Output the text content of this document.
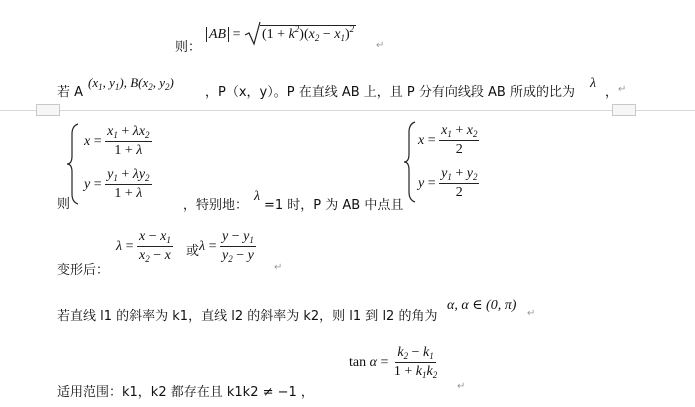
则：
AB = $(1 + k^2)(x_2 - x_1)^2$
↵
若 A
($x_1$, $y_1$), $B(x_2$, $y_2$)
，P（x，y）。P 在直线 AB 上，且 P 分有向线段 AB 所成的比为
λ
， ↵
则
$x = \frac{x_1 + \lambda x_2}{1 + \lambda}$
$y = \frac{y_1 + \lambda y_2}{1 + \lambda}$
，特别地：
λ
=1 时，P 为 AB 中点且
$x = \frac{x_1 + x_2}{2}$
$y = \frac{y_1 + y_2}{2}$
变形后：
$\lambda = \frac{x - x_1}{x_2 - x}$ 或 $\lambda = \frac{y - y_1}{y_2 - y}$
↵
若直线 l1 的斜率为 k1，直线 l2 的斜率为 k2，则 l1 到 l2 的角为
α, α ∈ (0, π)
↵
$\tan \alpha = \frac{k_2 - k_1}{1 + k_1k_2}$
适用范围：k1，k2 都存在且 k1k2 ≠ −1 ，	↵
